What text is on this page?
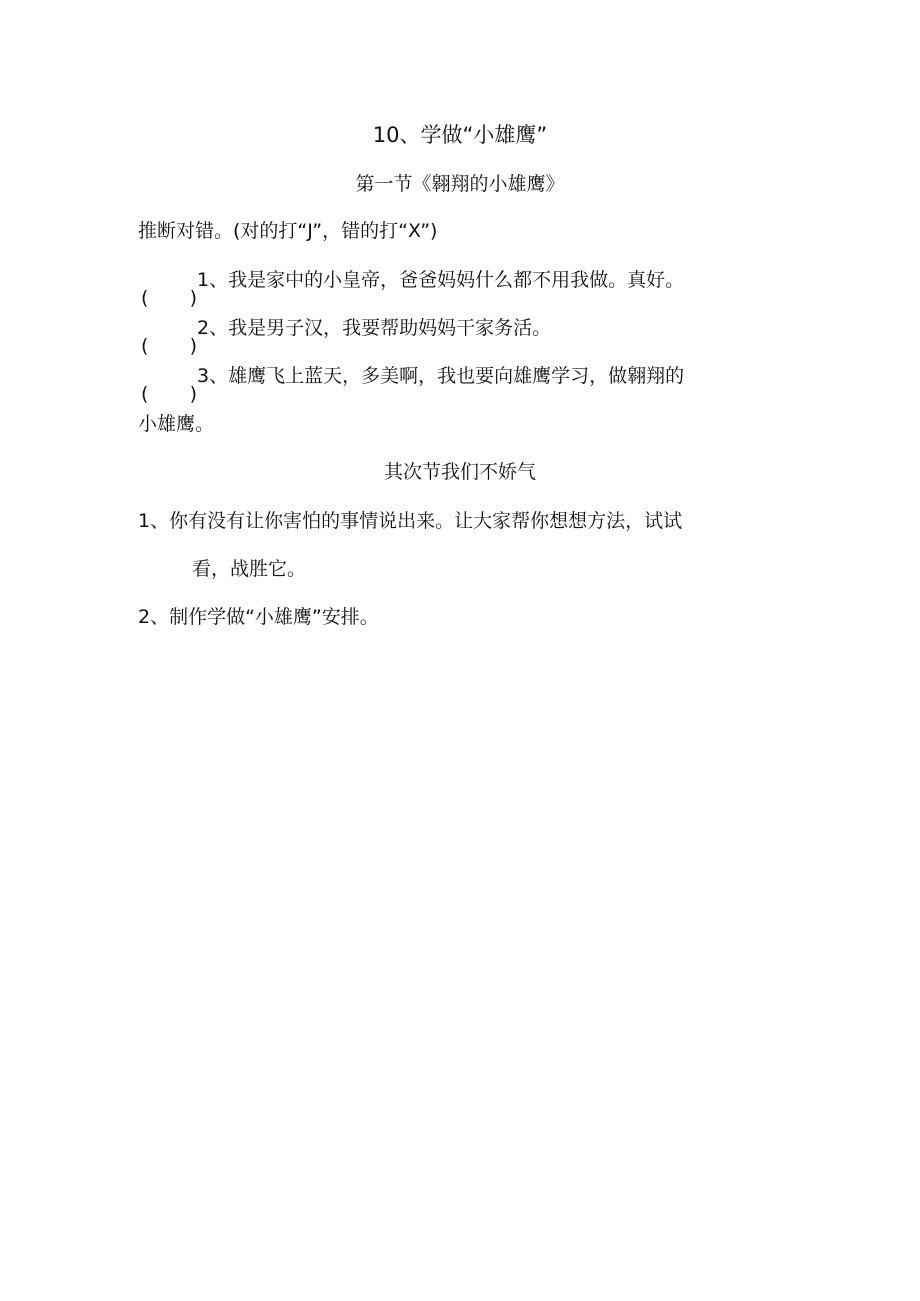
10、学做“小雄鹰”
第一节《翱翔的小雄鹰》
推断对错。(对的打“J”，错的打“X”)
( )
1、我是家中的小皇帝，爸爸妈妈什么都不用我做。真好。
( )
2、我是男子汉，我要帮助妈妈干家务活。
( )
3、雄鹰飞上蓝天，多美啊，我也要向雄鹰学习，做翱翔的
小雄鹰。
其次节我们不娇气
1、你有没有让你害怕的事情说出来。让大家帮你想想方法，试试
看，战胜它。
2、制作学做“小雄鹰”安排。
